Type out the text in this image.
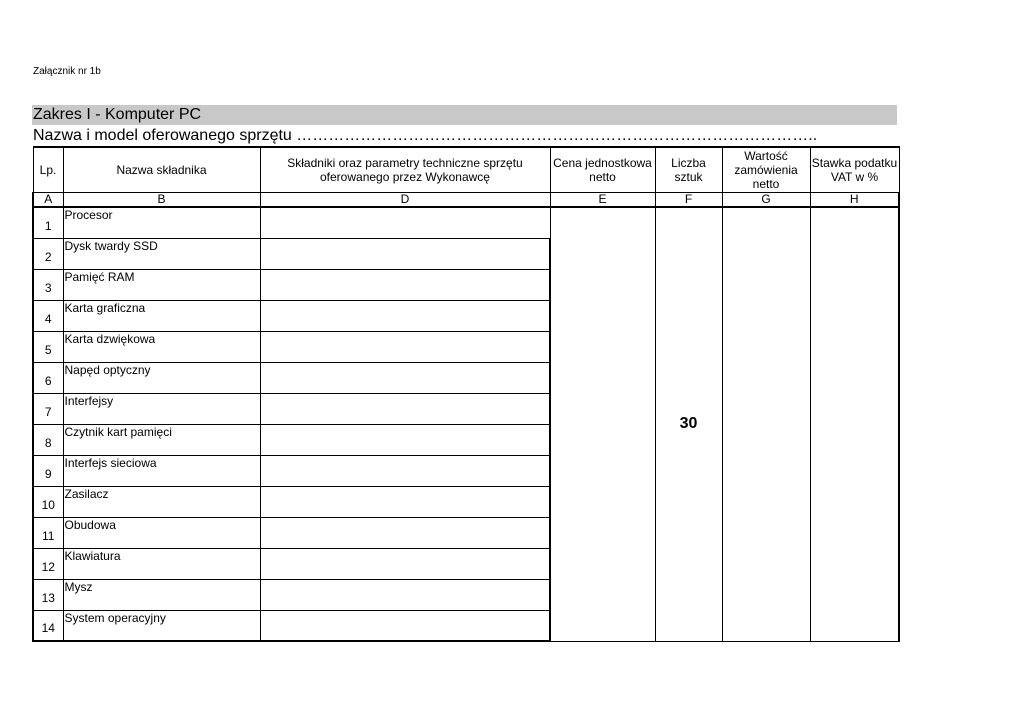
Załącznik nr 1b
Zakres I - Komputer PC
Nazwa i model oferowanego sprzętu ……………………………………………………………………………………..
Lp.	Nazwa składnika	Składniki oraz parametry techniczne sprzętu oferowanego przez Wykonawcę	Cena jednostkowa netto	Liczba sztuk	Wartość zamówienia netto	Stawka podatku VAT w %
A	B	D	E	F	G	H
1	Procesor			30		
2	Dysk twardy SSD					
3	Pamięć RAM					
4	Karta graficzna					
5	Karta dzwiękowa					
6	Napęd optyczny					
7	Interfejsy					
8	Czytnik kart pamięci					
9	Interfejs sieciowa					
10	Zasilacz					
11	Obudowa					
12	Klawiatura					
13	Mysz					
14	System operacyjny					
